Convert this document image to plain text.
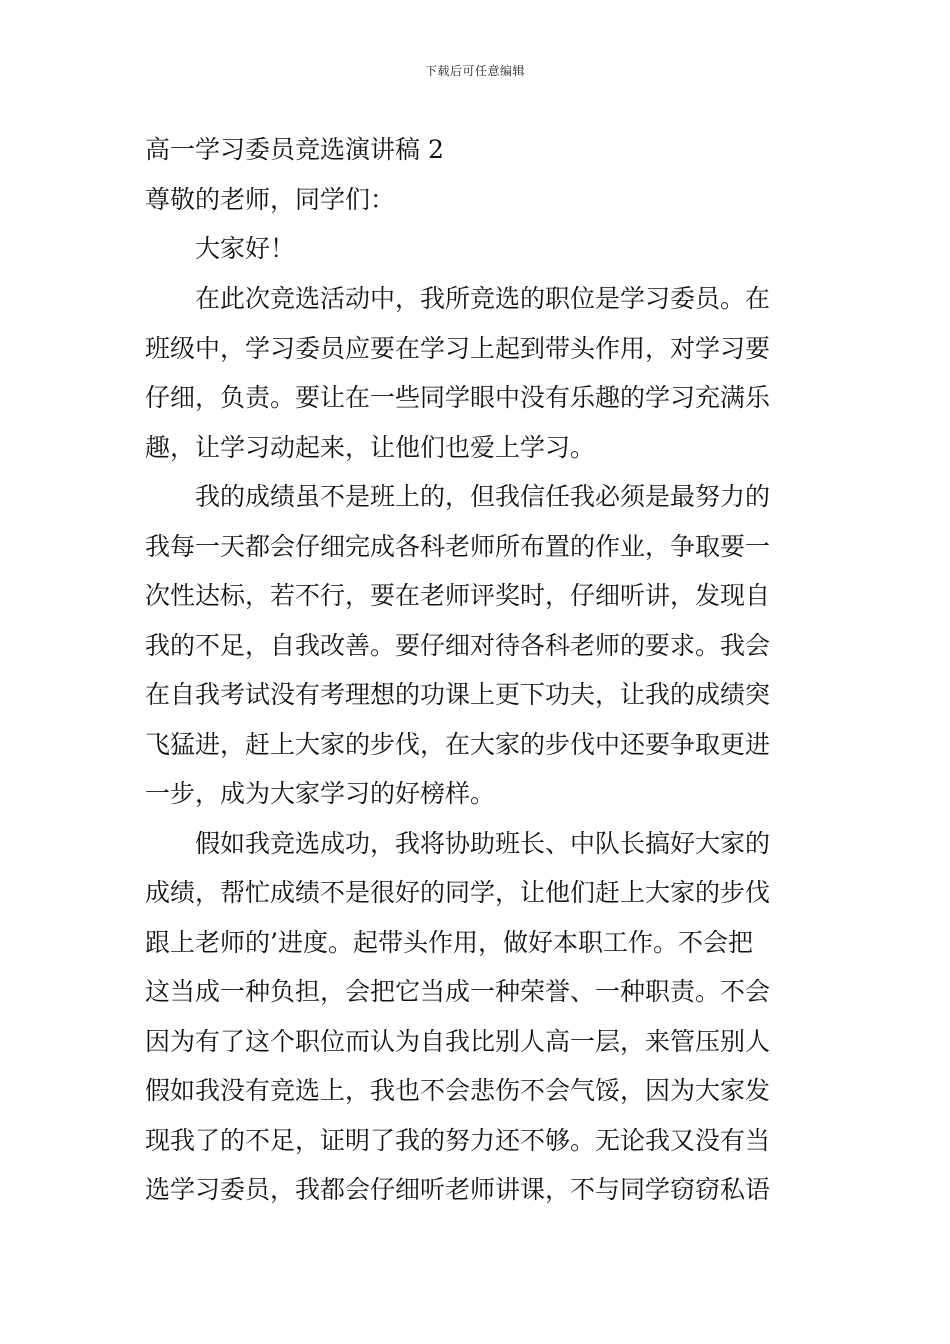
下载后可任意编辑
高一学习委员竞选演讲稿 2
尊敬的老师，同学们：
大家好！
在此次竞选活动中，我所竞选的职位是学习委员。在
班级中，学习委员应要在学习上起到带头作用，对学习要
仔细，负责。要让在一些同学眼中没有乐趣的学习充满乐
趣，让学习动起来，让他们也爱上学习。
我的成绩虽不是班上的，但我信任我必须是最努力的
我每一天都会仔细完成各科老师所布置的作业，争取要一
次性达标，若不行，要在老师评奖时，仔细听讲，发现自
我的不足，自我改善。要仔细对待各科老师的要求。我会
在自我考试没有考理想的功课上更下功夫，让我的成绩突
飞猛进，赶上大家的步伐，在大家的步伐中还要争取更进
一步，成为大家学习的好榜样。
假如我竞选成功，我将协助班长、中队长搞好大家的
成绩，帮忙成绩不是很好的同学，让他们赶上大家的步伐
跟上老师的’进度。起带头作用，做好本职工作。不会把
这当成一种负担，会把它当成一种荣誉、一种职责。不会
因为有了这个职位而认为自我比别人高一层，来管压别人
假如我没有竞选上，我也不会悲伤不会气馁，因为大家发
现我了的不足，证明了我的努力还不够。无论我又没有当
选学习委员，我都会仔细听老师讲课，不与同学窃窃私语
